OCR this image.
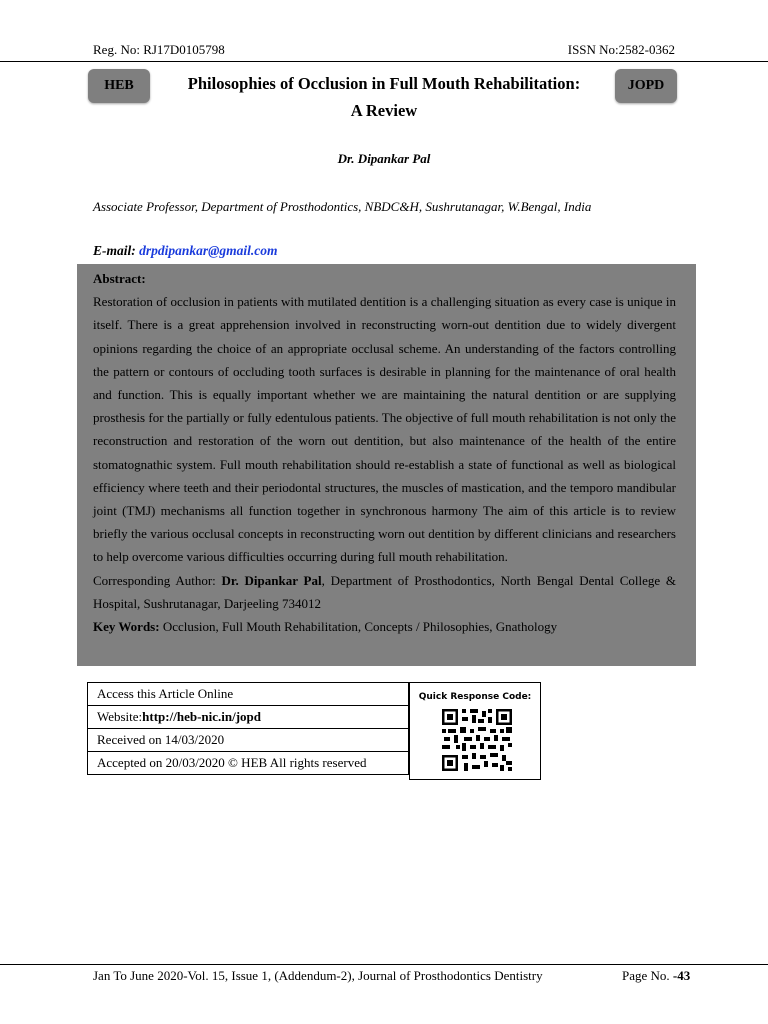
Reg. No: RJ17D0105798	ISSN No:2582-0362
HEB	JOPD
Philosophies of Occlusion in Full Mouth Rehabilitation:
A Review
Dr. Dipankar Pal
Associate Professor, Department of Prosthodontics, NBDC&H, Sushrutanagar, W.Bengal, India
E-mail: drpdipankar@gmail.com

Abstract:

Restoration of occlusion in patients with mutilated dentition is a challenging situation as every case is unique in itself. There is a great apprehension involved in reconstructing worn-out dentition due to widely divergent opinions regarding the choice of an appropriate occlusal scheme. An understanding of the factors controlling the pattern or contours of occluding tooth surfaces is desirable in planning for the maintenance of oral health and function. This is equally important whether we are maintaining the natural dentition or are supplying prosthesis for the partially or fully edentulous patients. The objective of full mouth rehabilitation is not only the reconstruction and restoration of the worn out dentition, but also maintenance of the health of the entire stomatognathic system. Full mouth rehabilitation should re-establish a state of functional as well as biological efficiency where teeth and their periodontal structures, the muscles of mastication, and the temporo mandibular joint (TMJ) mechanisms all function together in synchronous harmony The aim of this article is to review briefly the various occlusal concepts in reconstructing worn out dentition by different clinicians and researchers to help overcome various difficulties occurring during full mouth rehabilitation.

Corresponding Author: Dr. Dipankar Pal, Department of Prosthodontics, North Bengal Dental College & Hospital, Sushrutanagar, Darjeeling 734012

Key Words: Occlusion, Full Mouth Rehabilitation, Concepts / Philosophies, Gnathology

Access this Article Online
Website:http://heb-nic.in/jopd
Received on 14/03/2020
Accepted on 20/03/2020 © HEB All rights reserved
Quick Response Code:
Jan To June 2020-Vol. 15, Issue 1, (Addendum-2), Journal of Prosthodontics Dentistry	Page No. -43
